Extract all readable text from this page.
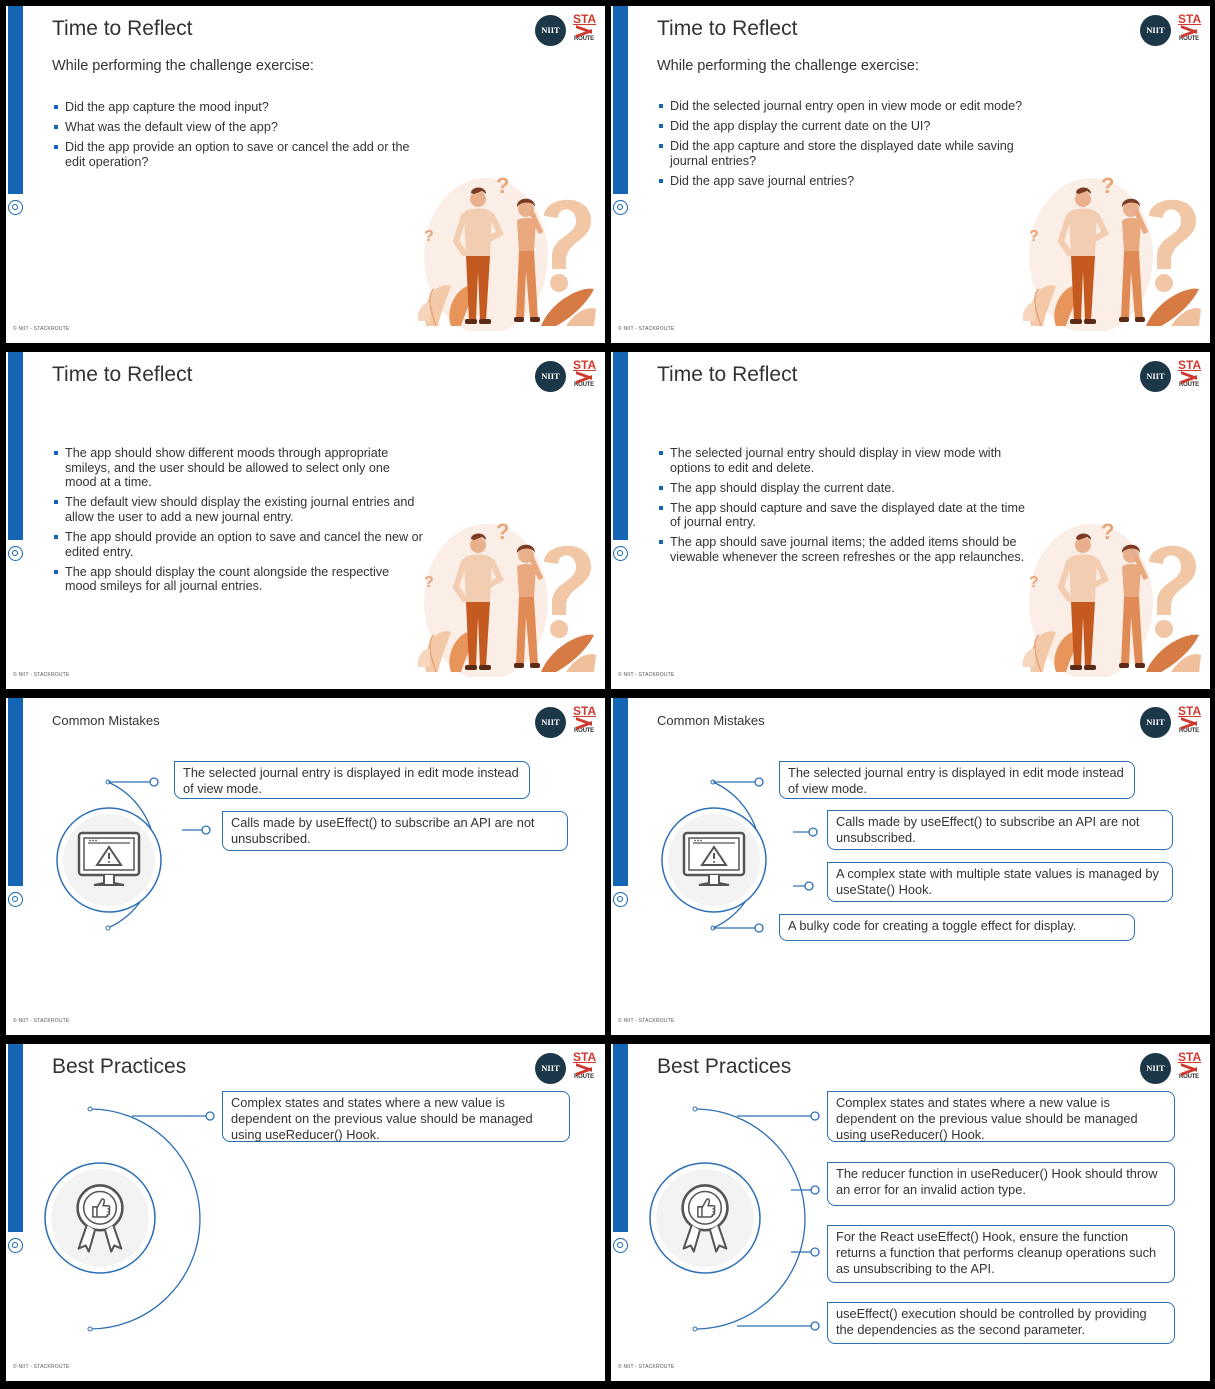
Time to Reflect
While performing the challenge exercise:
NIIT
STA
ROUTE
Did the app capture the mood input?
What was the default view of the app?
Did the app provide an option to save or cancel the add or the edit operation?
© NIIT - STACKROUTE
Time to Reflect
While performing the challenge exercise:
NIIT
STA
ROUTE
Did the selected journal entry open in view mode or edit mode?
Did the app display the current date on the UI?
Did the app capture and store the displayed date while saving journal entries?
Did the app save journal entries?
© NIIT - STACKROUTE
Time to Reflect	NIIT
STA
ROUTE
The app should show different moods through appropriate smileys, and the user should be allowed to select only one mood at a time.
The default view should display the existing journal entries and allow the user to add a new journal entry.
The app should provide an option to save and cancel the new or edited entry.
The app should display the count alongside the respective mood smileys for all journal entries.
© NIIT - STACKROUTE
Time to Reflect	NIIT
STA
ROUTE
The selected journal entry should display in view mode with options to edit and delete.
The app should display the current date.
The app should capture and save the displayed date at the time of journal entry.
The app should save journal items; the added items should be viewable whenever the screen refreshes or the app relaunches.
© NIIT - STACKROUTE
Common Mistakes	NIIT
STA
ROUTE
The selected journal entry is displayed in edit mode instead of view mode.
Calls made by useEffect() to subscribe an API are not unsubscribed.
© NIIT - STACKROUTE
Common Mistakes	NIIT
STA
ROUTE
The selected journal entry is displayed in edit mode instead of view mode.
Calls made by useEffect() to subscribe an API are not unsubscribed.
A complex state with multiple state values is managed by useState() Hook.
A bulky code for creating a toggle effect for display.
© NIIT - STACKROUTE
Best Practices	NIIT
STA
ROUTE
Complex states and states where a new value is dependent on the previous value should be managed using useReducer() Hook.
© NIIT - STACKROUTE
Best Practices	NIIT
STA
ROUTE
Complex states and states where a new value is dependent on the previous value should be managed using useReducer() Hook.
The reducer function in useReducer() Hook should throw an error for an invalid action type.
For the React useEffect() Hook, ensure the function returns a function that performs cleanup operations such as unsubscribing to the API.
useEffect() execution should be controlled by providing the dependencies as the second parameter.
© NIIT - STACKROUTE
